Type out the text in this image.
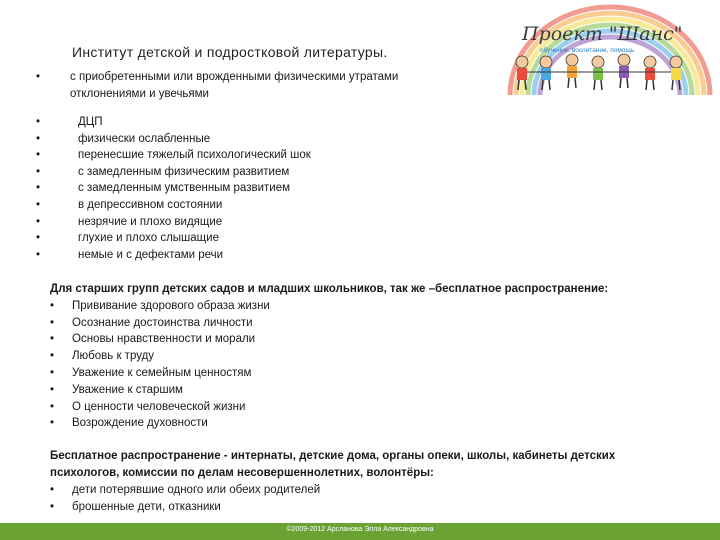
Институт детской и подростковой литературы.
Проект "Шанс"
обучение, воспитание, помощь
•	с приобретенными или врожденными физическими утратами
отклонениями и увечьями
•	ДЦП
•	физически ослабленные
•	перенесшие тяжелый психологический шок
•	с замедленным физическим развитием
•	с замедленным умственным развитием
•	в депрессивном состоянии
•	незрячие и плохо видящие
•	глухие и плохо слышащие
•	немые и с дефектами речи
Для старших групп детских садов и младших школьников, так же –бесплатное распространение:
• Прививание здорового образа жизни
• Осознание достоинства личности
• Основы нравственности и морали
• Любовь к труду
• Уважение к семейным ценностям
• Уважение к старшим
• О ценности человеческой жизни
• Возрождение духовности
Бесплатное распространение - интернаты, детские дома, органы опеки, школы, кабинеты детских
психологов, комиссии по делам несовершеннолетних, волонтёры:
• дети потерявшие одного или обеих родителей
• брошенные дети, отказники
©2009-2012 Арсланова Элла Александровна
